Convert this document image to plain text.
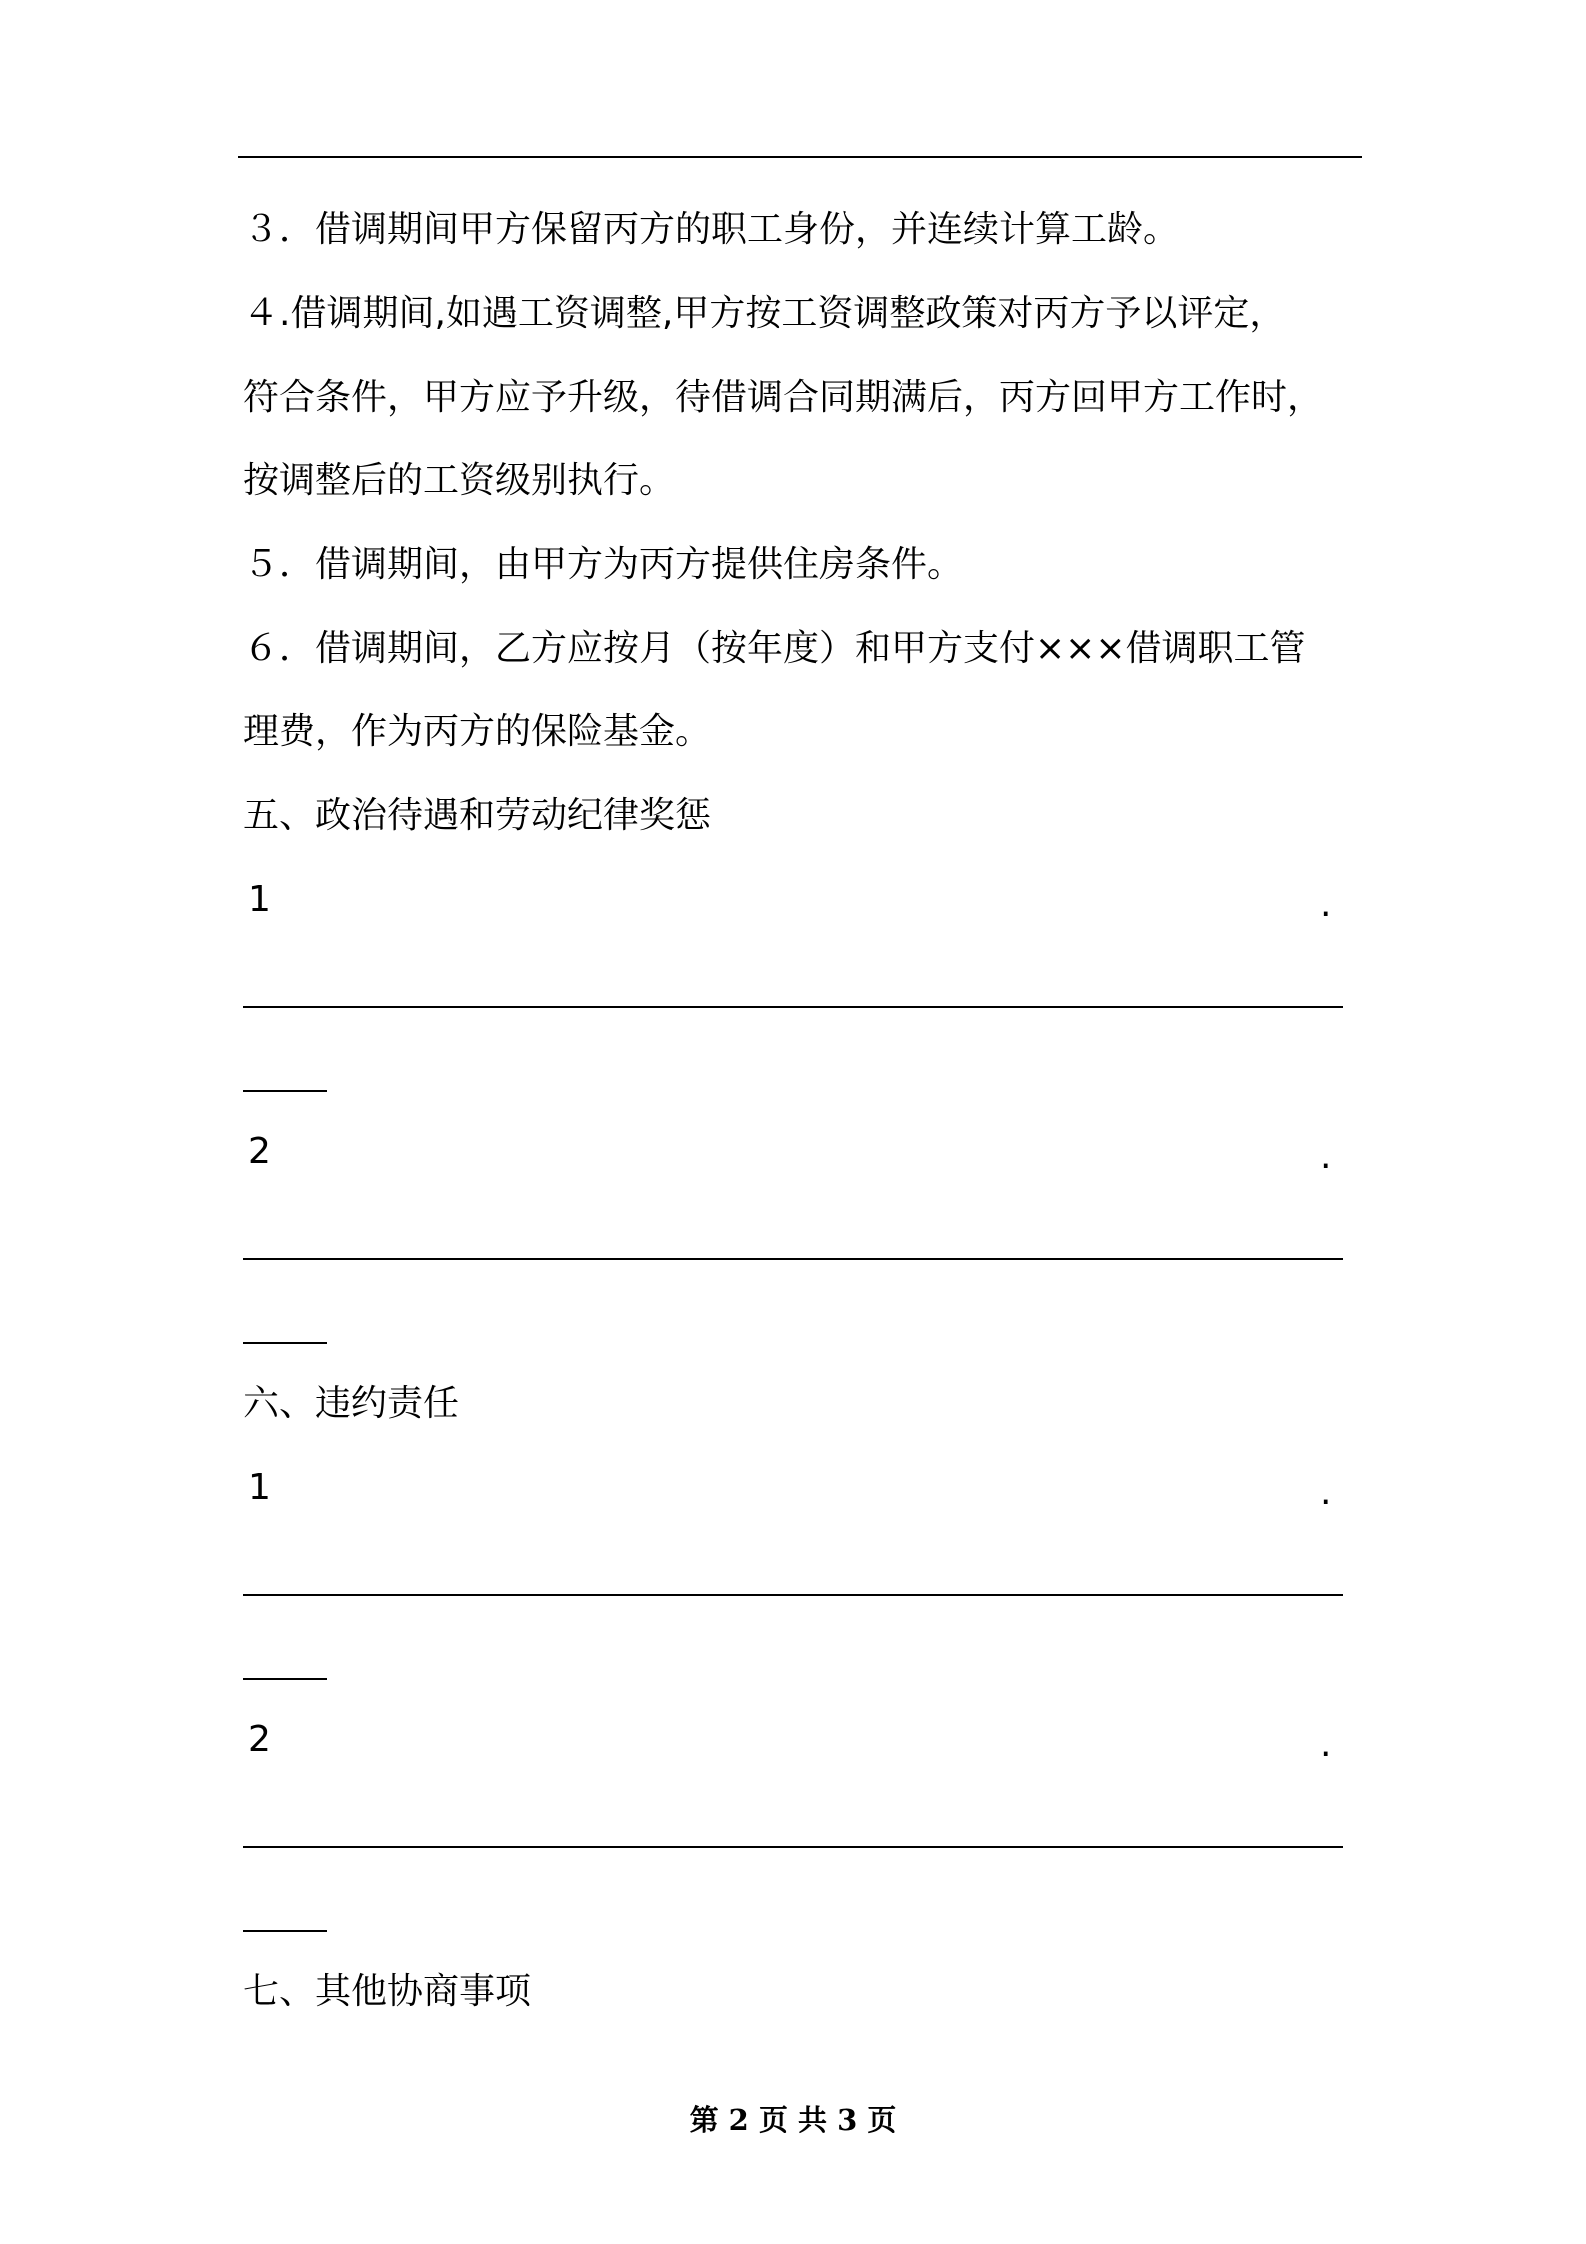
３．借调期间甲方保留丙方的职工身份，并连续计算工龄。
４.借调期间,如遇工资调整,甲方按工资调整政策对丙方予以评定，
符合条件，甲方应予升级，待借调合同期满后，丙方回甲方工作时，
按调整后的工资级别执行。
５．借调期间，由甲方为丙方提供住房条件。
６．借调期间，乙方应按月（按年度）和甲方支付×××借调职工管
理费，作为丙方的保险基金。
五、政治待遇和劳动纪律奖惩
1	.
2	.
六、违约责任
1	.
2	.
七、其他协商事项
第 2 页 共 3 页
